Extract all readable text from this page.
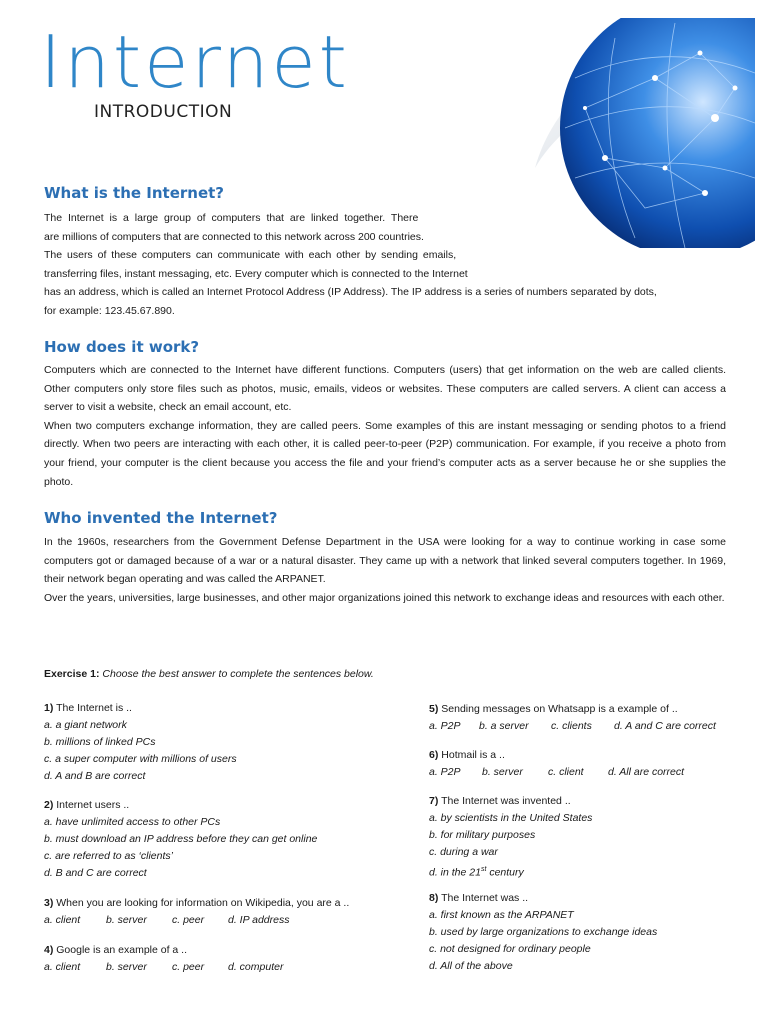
Internet
INTRODUCTION
What is the Internet?
The Internet is a large group of computers that are linked together. There
are millions of computers that are connected to this network across 200 countries.
The users of these computers can communicate with each other by sending emails,
transferring files, instant messaging, etc. Every computer which is connected to the Internet
has an address, which is called an Internet Protocol Address (IP Address). The IP address is a series of numbers separated by dots,
for example: 123.45.67.890.
How does it work?

Computers which are connected to the Internet have different functions. Computers (users) that get information on the web are called clients. Other computers only store files such as photos, music, emails, videos or websites. These computers are called servers. A client can access a server to visit a website, check an email account, etc.

When two computers exchange information, they are called peers. Some examples of this are instant messaging or sending photos to a friend directly. When two peers are interacting with each other, it is called peer-to-peer (P2P) communication. For example, if you receive a photo from your friend, your computer is the client because you access the file and your friend’s computer acts as a server because he or she supplies the photo.

Who invented the Internet?

In the 1960s, researchers from the Government Defense Department in the USA were looking for a way to continue working in case some computers got or damaged because of a war or a natural disaster. They came up with a network that linked several computers together. In 1969, their network began operating and was called the ARPANET.

Over the years, universities, large businesses, and other major organizations joined this network to exchange ideas and resources with each other.

Exercise 1: Choose the best answer to complete the sentences below.
1) The Internet is ..
a. a giant network
b. millions of linked PCs
c. a super computer with millions of users
d. A and B are correct
2) Internet users ..
a. have unlimited access to other PCs
b. must download an IP address before they can get online
c. are referred to as ‘clients’
d. B and C are correct
3) When you are looking for information on Wikipedia, you are a ..
a. client b. server c. peer d. IP address
4) Google is an example of a ..
a. client b. server c. peer d. computer
5) Sending messages on Whatsapp is a example of ..
a. P2P b. a server c. clients d. A and C are correct
6) Hotmail is a ..
a. P2P b. server c. client d. All are correct
7) The Internet was invented ..
a. by scientists in the United States
b. for military purposes
c. during a war
d. in the 21st century
8) The Internet was ..
a. first known as the ARPANET
b. used by large organizations to exchange ideas
c. not designed for ordinary people
d. All of the above
